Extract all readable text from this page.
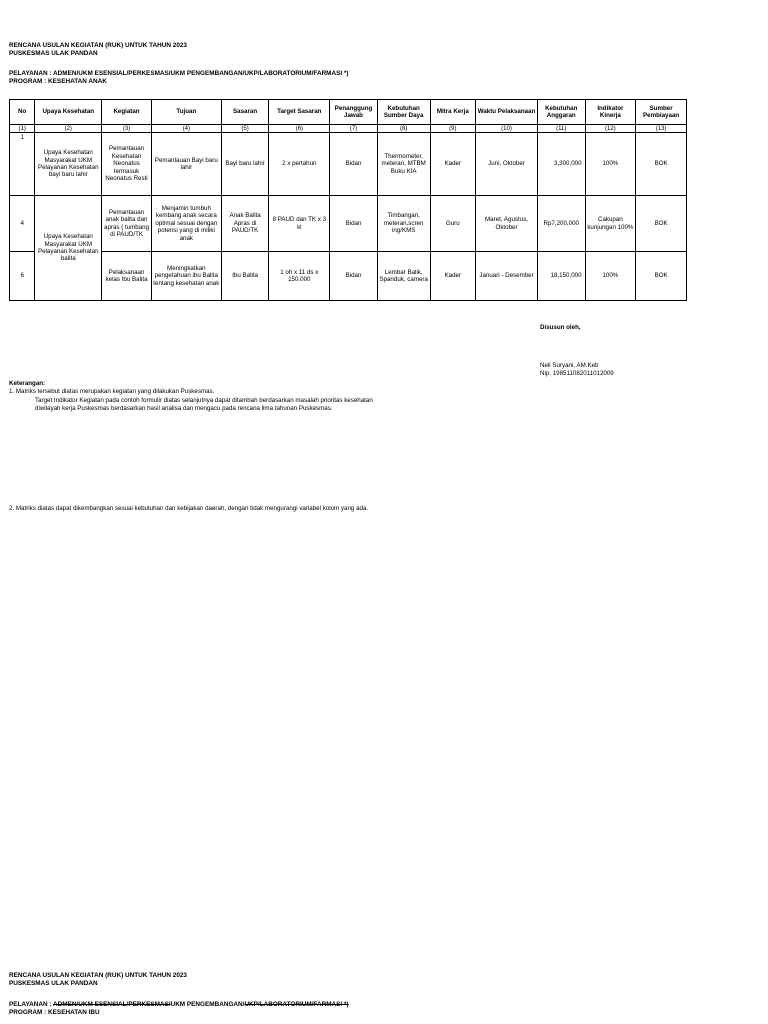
RENCANA USULAN KEGIATAN (RUK) UNTUK TAHUN 2023
PUSKESMAS ULAK PANDAN
PELAYANAN : ADMEN/UKM ESENSIAL/PERKESMAS/UKM PENGEMBANGAN/UKP/LABORATORIUM/FARMASI *)
PROGRAM : KESEHATAN ANAK
No	Upaya Kesehatan	Kegiatan	Tujuan	Sasaran	Target Sasaran	Penanggung Jawab	Kebutuhan Sumber Daya	Mitra Kerja	Waktu Pelaksanaan	Kebutuhan Anggaran	Indikator Kinerja	Sumber Pembiayaan
(1)	(2)	(3)	(4)	(5)	(6)	(7)	(8)	(9)	(10)	(11)	(12)	(13)
1	Upaya Kesehatan Masyarakat UKM Pelayanan Kesehatan bayi baru lahir	Pemantauan Kesehatan Neonatus termasuk Neonatus Resti	Pemantauan Bayi baru lahir	Bayi baru lahir	2 x pertahun	Bidan	Thermometer, meteran, MTBM Buku KIA	Kader	Juni, Oktober	3,300,000	100%	BOK
4	Upaya Kesehatan Masyarakat UKM Pelayanan Kesehatan balita	Pemantauan anak balita dan apras ( tumbang di PAUD/TK	Menjamin tumbuh kembang anak secara optimal sesuai dengan potensi yang di miliki anak	Anak Balita Apras di PAUD/TK	8 PAUD dan TK x 3 kl	Bidan	Timbangan, meteran,scren ing/KMS	Guru	Maret, Agustus, Oktober	Rp7,200,000	Cakupan kunjungan 100%	BOK
6		Pelaksanaan kelas Ibu Balita	Meningkatkan pengetahuan ibu Balita tentang kesehatan anak	Ibu Balita	1 oh x 11 ds x 150.000	Bidan	Lembar Balik, Spanduk, camera	Kader	Januari - Desember	18,150,000	100%	BOK
Disusun oleh,
Neli Suryani, AM.Keb
Nip. 198511082011012009
Keterangan:
1. Matriks tersebut diatas merupakan kegiatan yang dilakukan Puskesmas.
Target Indikator Kegiatan pada contoh formulir diatas selanjutnya dapat ditambah berdasarkan masalah prioritas kesehatan
diwilayah kerja Puskesmas berdasarkan hasil analisa dan mengacu pada rencana lima tahunan Puskesmas.
2. Matriks diatas dapat dikembangkan sesuai kebutuhan dan kebijakan daerah, dengan tidak mengurangi variabel kolom yang ada.
RENCANA USULAN KEGIATAN (RUK) UNTUK TAHUN 2023
PUSKESMAS ULAK PANDAN
PELAYANAN : ADMEN/UKM ESENSIAL/PERKESMAS/UKM PENGEMBANGAN/UKP/LABORATORIUM/FARMASI *)
PROGRAM : KESEHATAN IBU
